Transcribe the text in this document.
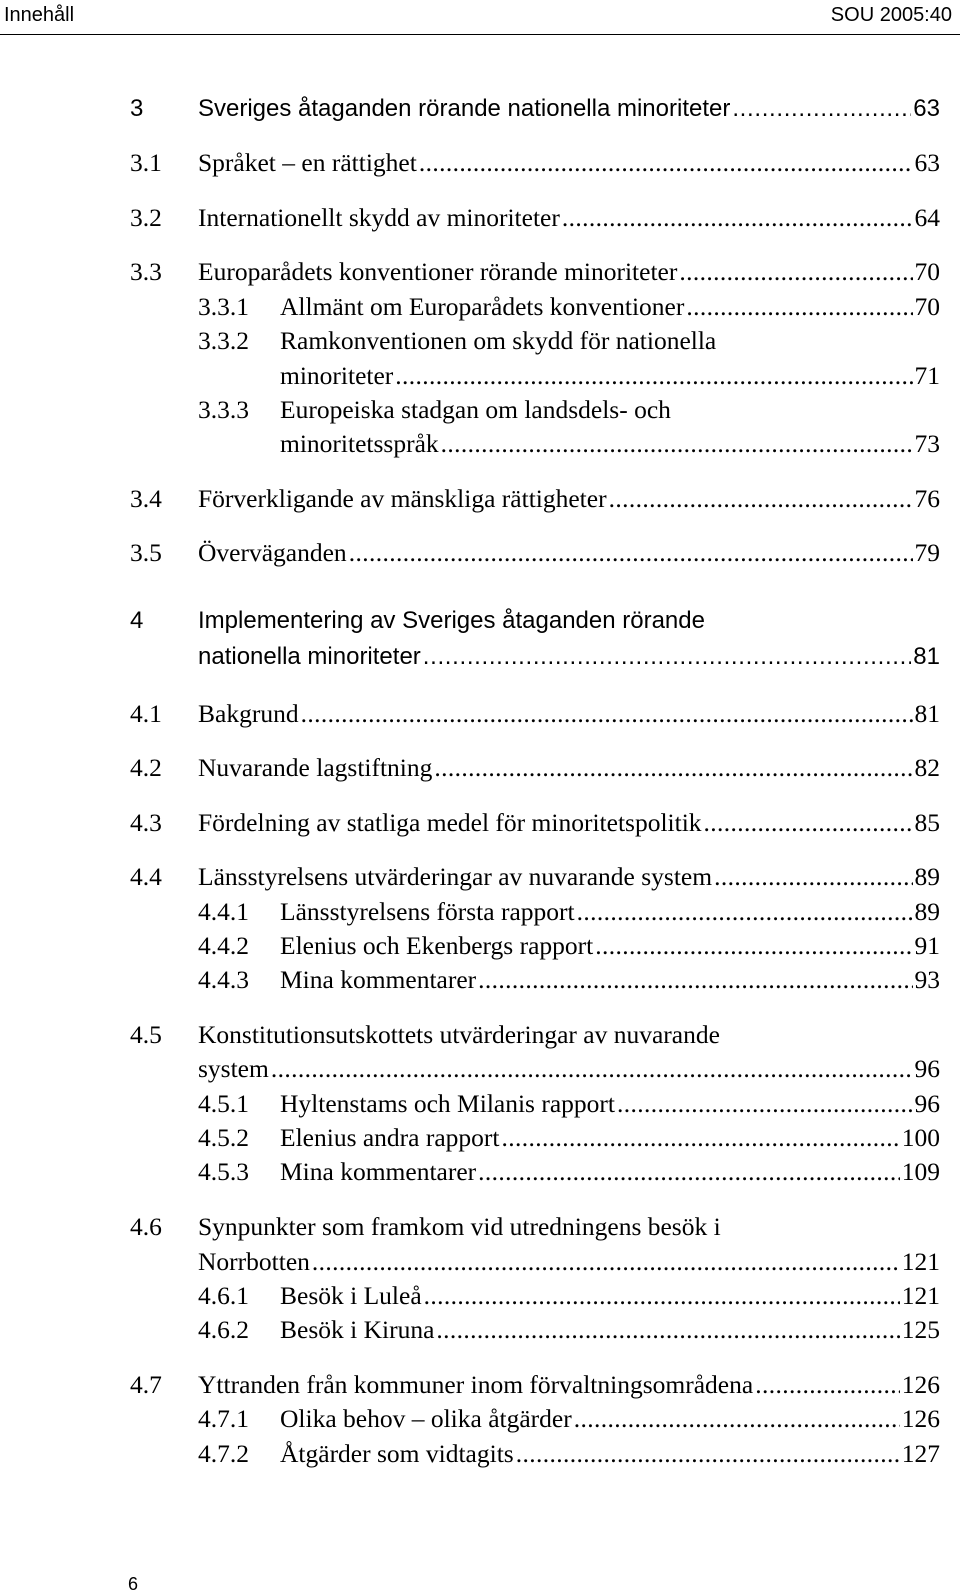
Innehåll	SOU 2005:40
3 Sveriges åtaganden rörande nationella minoriteter . . .	63
3.1 Språket – en rättighet . . .	63
3.2 Internationellt skydd av minoriteter . . .	64
3.3 Europarådets konventioner rörande minoriteter . . .	70
3.3.1 Allmänt om Europarådets konventioner . . .	70
3.3.2 Ramkonventionen om skydd för nationella
minoriteter . . .	71
3.3.3 Europeiska stadgan om landsdels- och
minoritetsspråk . . .	73
3.4 Förverkligande av mänskliga rättigheter . . .	76
3.5 Överväganden . . .	79
4 Implementering av Sveriges åtaganden rörande
nationella minoriteter . . .	81
4.1 Bakgrund . . .	81
4.2 Nuvarande lagstiftning . . .	82
4.3 Fördelning av statliga medel för minoritetspolitik . . .	85
4.4 Länsstyrelsens utvärderingar av nuvarande system . . .	89
4.4.1 Länsstyrelsens första rapport . . .	89
4.4.2 Elenius och Ekenbergs rapport . . .	91
4.4.3 Mina kommentarer . . .	93
4.5 Konstitutionsutskottets utvärderingar av nuvarande
system . . .	96
4.5.1 Hyltenstams och Milanis rapport . . .	96
4.5.2 Elenius andra rapport . . .	100
4.5.3 Mina kommentarer . . .	109
4.6 Synpunkter som framkom vid utredningens besök i
Norrbotten . . .	121
4.6.1 Besök i Luleå . . .	121
4.6.2 Besök i Kiruna . . .	125
4.7 Yttranden från kommuner inom förvaltningsområdena . . .	126
4.7.1 Olika behov – olika åtgärder . . .	126
4.7.2 Åtgärder som vidtagits . . .	127
6
